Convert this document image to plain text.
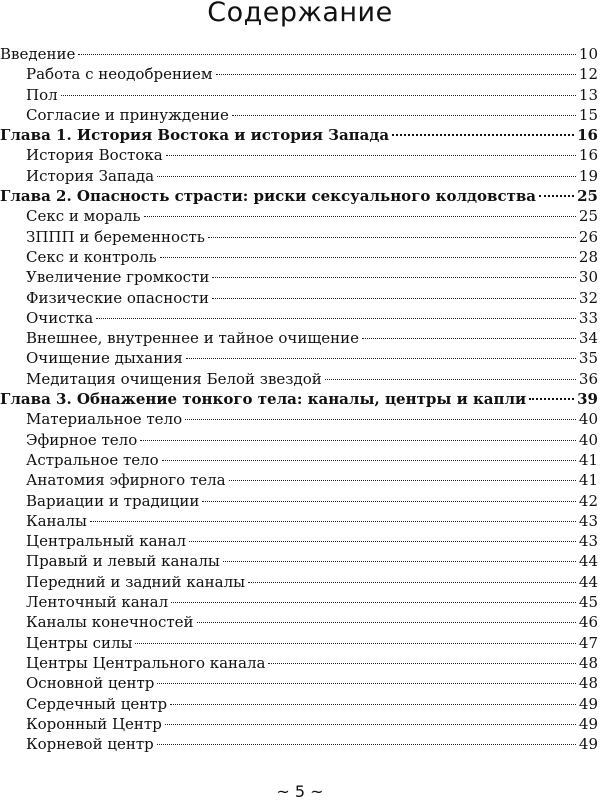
Содержание
Введение	10
Работа с неодобрением	12
Пол	13
Согласие и принуждение	15
Глава 1. История Востока и история Запада	16
История Востока	16
История Запада	19
Глава 2. Опасность страсти: риски сексуального колдовства	25
Секс и мораль	25
ЗППП и беременность	26
Секс и контроль	28
Увеличение громкости	30
Физические опасности	32
Очистка	33
Внешнее, внутреннее и тайное очищение	34
Очищение дыхания	35
Медитация очищения Белой звездой	36
Глава 3. Обнажение тонкого тела: каналы, центры и капли	39
Материальное тело	40
Эфирное тело	40
Астральное тело	41
Анатомия эфирного тела	41
Вариации и традиции	42
Каналы	43
Центральный канал	43
Правый и левый каналы	44
Передний и задний каналы	44
Ленточный канал	45
Каналы конечностей	46
Центры силы	47
Центры Центрального канала	48
Основной центр	48
Сердечный центр	49
Коронный Центр	49
Корневой центр	49
~ 5 ~
